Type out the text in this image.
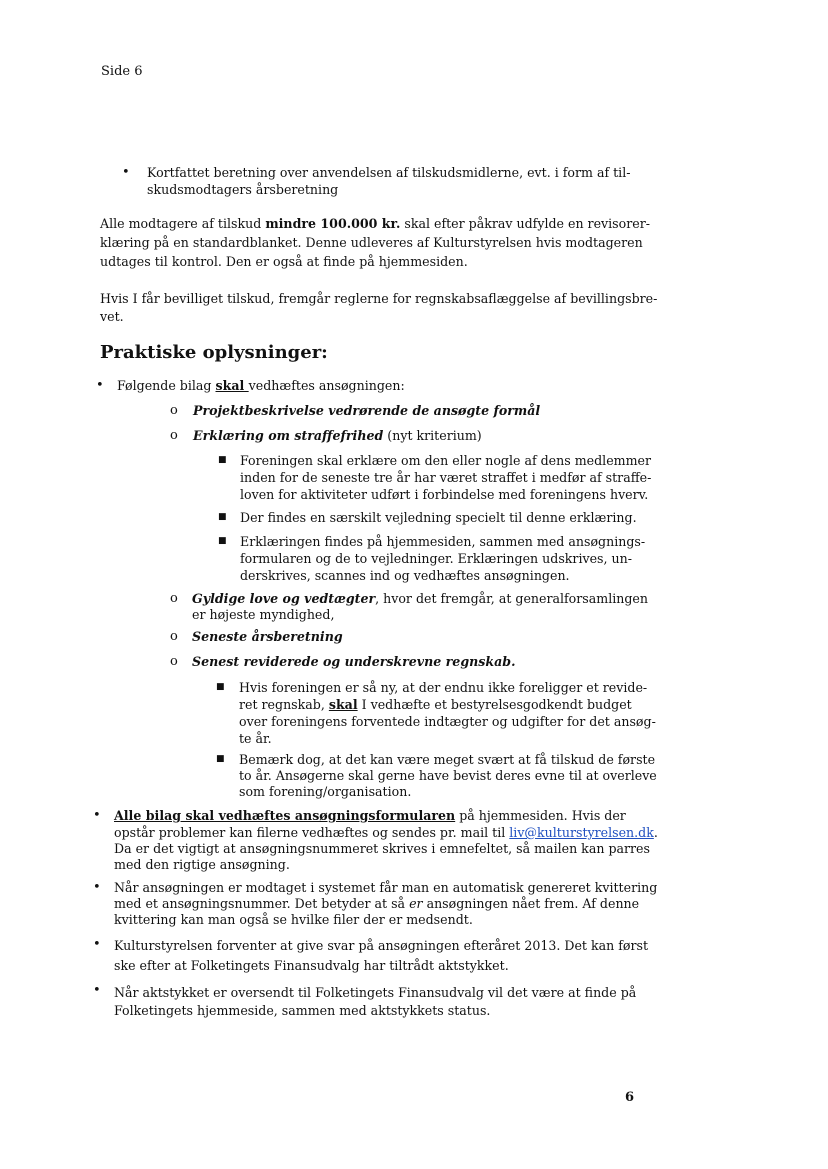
Side 6
• Kortfattet beretning over anvendelsen af tilskudsmidlerne, evt. i form af til-
skudsmodtagers årsberetning
Alle modtagere af tilskud mindre 100.000 kr. skal efter påkrav udfylde en revisorer-
klæring på en standardblanket. Denne udleveres af Kulturstyrelsen hvis modtageren
udtages til kontrol. Den er også at finde på hjemmesiden.
Hvis I får bevilliget tilskud, fremgår reglerne for regnskabsaflæggelse af bevillingsbre-
vet.
Praktiske oplysninger:
• Følgende bilag skal vedhæftes ansøgningen:
o Projektbeskrivelse vedrørende de ansøgte formål
o Erklæring om straffefrihed (nyt kriterium)
■ Foreningen skal erklære om den eller nogle af dens medlemmer
inden for de seneste tre år har været straffet i medfør af straffe-
loven for aktiviteter udført i forbindelse med foreningens hverv.
■ Der findes en særskilt vejledning specielt til denne erklæring.
■ Erklæringen findes på hjemmesiden, sammen med ansøgnings-
formularen og de to vejledninger. Erklæringen udskrives, un-
derskrives, scannes ind og vedhæftes ansøgningen.
o Gyldige love og vedtægter, hvor det fremgår, at generalforsamlingen
er højeste myndighed,
o Seneste årsberetning
o Senest reviderede og underskrevne regnskab.
■ Hvis foreningen er så ny, at der endnu ikke foreligger et revide-
ret regnskab, skal I vedhæfte et bestyrelsesgodkendt budget
over foreningens forventede indtægter og udgifter for det ansøg-
te år.
■ Bemærk dog, at det kan være meget svært at få tilskud de første
to år. Ansøgerne skal gerne have bevist deres evne til at overleve
som forening/organisation.
• Alle bilag skal vedhæftes ansøgningsformularen på hjemmesiden. Hvis der
opstår problemer kan filerne vedhæftes og sendes pr. mail til liv@kulturstyrelsen.dk.
Da er det vigtigt at ansøgningsnummeret skrives i emnefeltet, så mailen kan parres
med den rigtige ansøgning.
• Når ansøgningen er modtaget i systemet får man en automatisk genereret kvittering
med et ansøgningsnummer. Det betyder at så er ansøgningen nået frem. Af denne
kvittering kan man også se hvilke filer der er medsendt.
• Kulturstyrelsen forventer at give svar på ansøgningen efteråret 2013. Det kan først
ske efter at Folketingets Finansudvalg har tiltrådt aktstykket.
• Når aktstykket er oversendt til Folketingets Finansudvalg vil det være at finde på
Folketingets hjemmeside, sammen med aktstykkets status.
6
